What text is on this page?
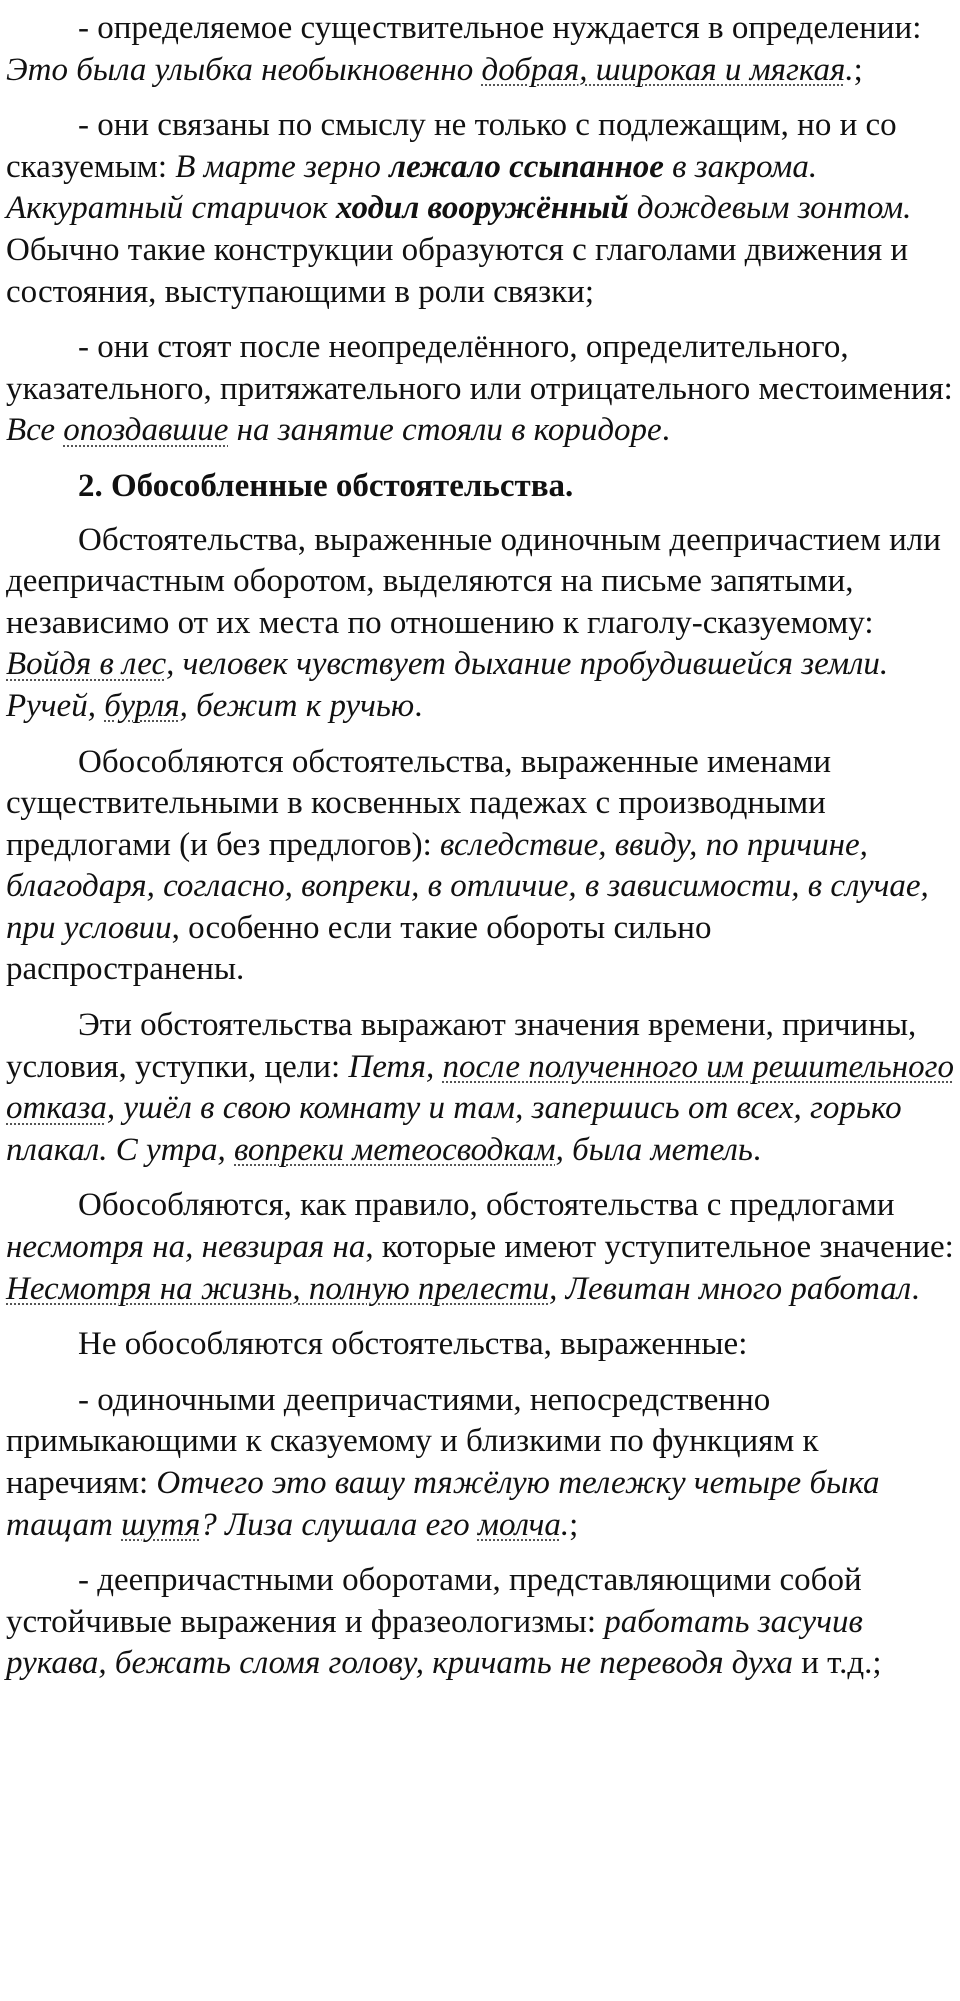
- определяемое существительное нуждается в определении: Это была улыбка необыкновенно добрая, широкая и мягкая.;

- они связаны по смыслу не только с подлежащим, но и со сказуемым: В марте зерно лежало ссыпанное в закрома. Аккуратный старичок ходил вооружённый дождевым зонтом. Обычно такие конструкции образуются с глаголами движения и состояния, выступающими в роли связки;

- они стоят после неопределённого, определительного, указательного, притяжательного или отрицательного местоимения: Все опоздавшие на занятие стояли в коридоре.

2. Обособленные обстоятельства.

Обстоятельства, выраженные одиночным деепричастием или деепричастным оборотом, выделяются на письме запятыми, независимо от их места по отношению к глаголу-сказуемому: Войдя в лес, человек чувствует дыхание пробудившейся земли. Ручей, бурля, бежит к ручью.

Обособляются обстоятельства, выраженные именами существительными в косвенных падежах с производными предлогами (и без предлогов): вследствие, ввиду, по причине, благодаря, согласно, вопреки, в отличие, в зависимости, в случае, при условии, особенно если такие обороты сильно распространены.

Эти обстоятельства выражают значения времени, причины, условия, уступки, цели: Петя, после полученного им решительного отказа, ушёл в свою комнату и там, запершись от всех, горько плакал. С утра, вопреки метеосводкам, была метель.

Обособляются, как правило, обстоятельства с предлогами несмотря на, невзирая на, которые имеют уступительное значение: Несмотря на жизнь, полную прелести, Левитан много работал.

Не обособляются обстоятельства, выраженные:

- одиночными деепричастиями, непосредственно примыкающими к сказуемому и близкими по функциям к наречиям: Отчего это вашу тяжёлую тележку четыре быка тащат шутя? Лиза слушала его молча.;

- деепричастными оборотами, представляющими собой устойчивые выражения и фразеологизмы: работать засучив рукава, бежать сломя голову, кричать не переводя духа и т.д.;
